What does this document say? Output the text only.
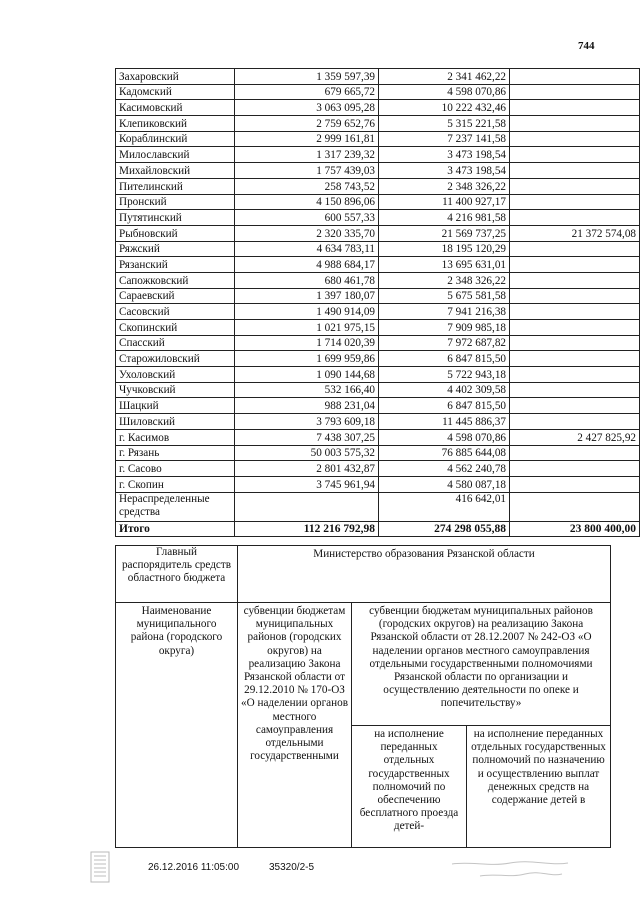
744
Захаровский	1 359 597,39	2 341 462,22	
Кадомский	679 665,72	4 598 070,86	
Касимовский	3 063 095,28	10 222 432,46	
Клепиковский	2 759 652,76	5 315 221,58	
Кораблинский	2 999 161,81	7 237 141,58	
Милославский	1 317 239,32	3 473 198,54	
Михайловский	1 757 439,03	3 473 198,54	
Пителинский	258 743,52	2 348 326,22	
Пронский	4 150 896,06	11 400 927,17	
Путятинский	600 557,33	4 216 981,58	
Рыбновский	2 320 335,70	21 569 737,25	21 372 574,08
Ряжский	4 634 783,11	18 195 120,29	
Рязанский	4 988 684,17	13 695 631,01	
Сапожковский	680 461,78	2 348 326,22	
Сараевский	1 397 180,07	5 675 581,58	
Сасовский	1 490 914,09	7 941 216,38	
Скопинский	1 021 975,15	7 909 985,18	
Спасский	1 714 020,39	7 972 687,82	
Старожиловский	1 699 959,86	6 847 815,50	
Ухоловский	1 090 144,68	5 722 943,18	
Чучковский	532 166,40	4 402 309,58	
Шацкий	988 231,04	6 847 815,50	
Шиловский	3 793 609,18	11 445 886,37	
г. Касимов	7 438 307,25	4 598 070,86	2 427 825,92
г. Рязань	50 003 575,32	76 885 644,08	
г. Сасово	2 801 432,87	4 562 240,78	
г. Скопин	3 745 961,94	4 580 087,18	

Нераспределенные
средства		416 642,01	
Итого	112 216 792,98	274 298 055,88	23 800 400,00
Главный распорядитель средств областного бюджета	Министерство образования Рязанской области		
Наименование муниципального района (городского округа)	субвенции бюджетам муниципальных районов (городских округов) на реализацию Закона Рязанской области от 29.12.2010 № 170-ОЗ «О наделении органов местного самоуправления отдельными государственными	субвенции бюджетам муниципальных районов (городских округов) на реализацию Закона Рязанской области от 28.12.2007 № 242-ОЗ «О наделении органов местного самоуправления отдельными государственными полномочиями Рязанской области по организации и осуществлению деятельности по опеке и попечительству»	
		на исполнение переданных отдельных государственных полномочий по обеспечению бесплатного проезда детей-	на исполнение переданных отдельных государственных полномочий по назначению и осуществлению выплат денежных средств на содержание детей в
26.12.2016 11:05:00	35320/2-5
